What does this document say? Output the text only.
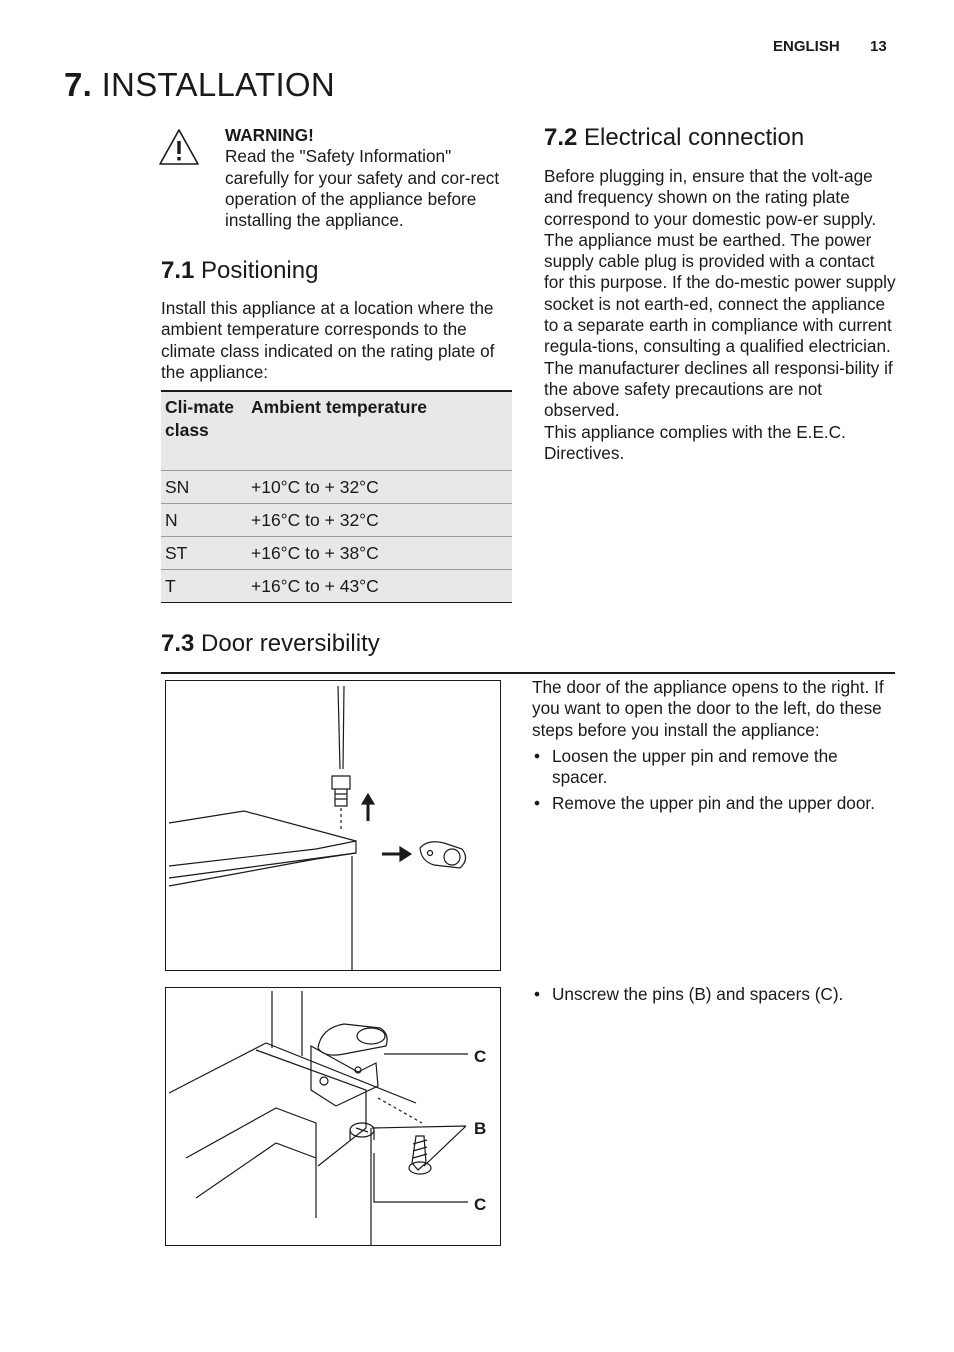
ENGLISH 13
7. INSTALLATION
WARNING!
Read the "Safety Information" carefully for your safety and cor-rect operation of the appliance before installing the appliance.
7.1 Positioning
Install this appliance at a location where the ambient temperature corresponds to the climate class indicated on the rating plate of the appliance:
Cli-mate class	Ambient temperature
SN	+10°C to + 32°C
N	+16°C to + 32°C
ST	+16°C to + 38°C
T	+16°C to + 43°C
7.2 Electrical connection
Before plugging in, ensure that the volt-age and frequency shown on the rating plate correspond to your domestic pow-er supply.
The appliance must be earthed. The power supply cable plug is provided with a contact for this purpose. If the do-mestic power supply socket is not earth-ed, connect the appliance to a separate earth in compliance with current regula-tions, consulting a qualified electrician.
The manufacturer declines all responsi-bility if the above safety precautions are not observed.
This appliance complies with the E.E.C. Directives.
7.3 Door reversibility
The door of the appliance opens to the right. If you want to open the door to the left, do these steps before you install the appliance:
• Loosen the upper pin and remove the spacer.
• Remove the upper pin and the upper door.
C
B
C
• Unscrew the pins (B) and spacers (C).
